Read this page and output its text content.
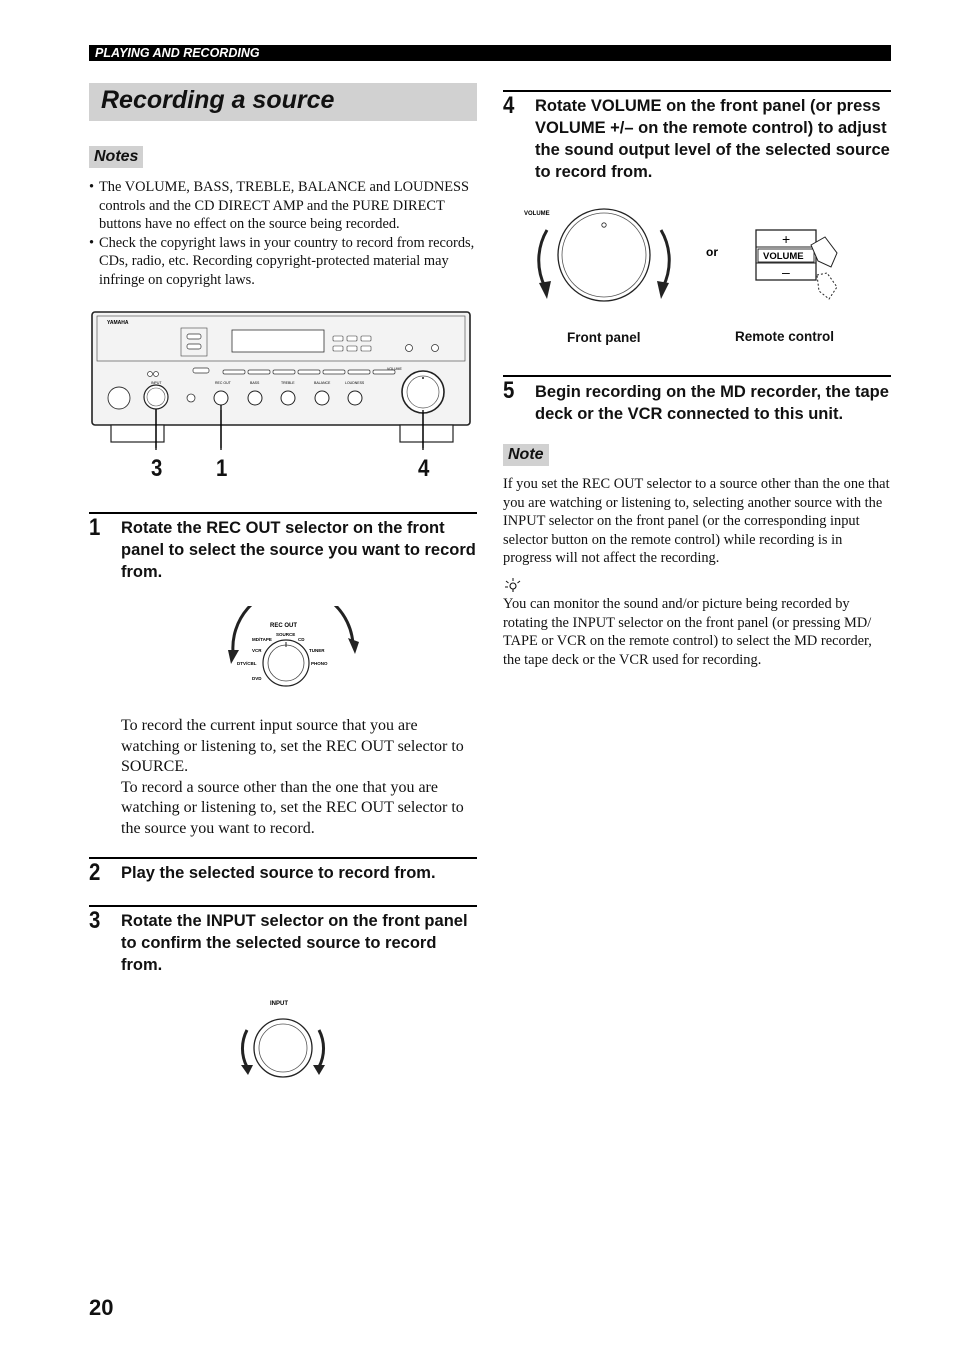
PLAYING AND RECORDING
Recording a source
Notes
• The VOLUME, BASS, TREBLE, BALANCE and LOUDNESS controls and the CD DIRECT AMP and the PURE DIRECT buttons have no effect on the source being recorded.
• Check the copyright laws in your country to record from records, CDs, radio, etc. Recording copyright-protected material may infringe on copyright laws.
YAMAHA
REC OUT	BASS	TREBLE	BALANCE	LOUDNESS
INPUT
VOLUME
3 1	4
1 Rotate the REC OUT selector on the front panel to select the source you want to record from.
REC OUT
SOURCE
MD/TAPE	CD
VCR	TUNER
DTV/CBL	PHONO
DVD
To record the current input source that you are watching or listening to, set the REC OUT selector to SOURCE.
To record a source other than the one that you are watching or listening to, set the REC OUT selector to the source you want to record.
2 Play the selected source to record from.
3 Rotate the INPUT selector on the front panel to confirm the selected source to record from.
INPUT
4 Rotate VOLUME on the front panel (or press VOLUME +/– on the remote control) to adjust the sound output level of the selected source to record from.
VOLUME
or
+
VOLUME
–
Front panel	Remote control
5 Begin recording on the MD recorder, the tape deck or the VCR connected to this unit.
Note
If you set the REC OUT selector to a source other than the one that you are watching or listening to, selecting another source with the INPUT selector on the front panel (or the corresponding input selector button on the remote control) while recording is in progress will not affect the recording.
You can monitor the sound and/or picture being recorded by rotating the INPUT selector on the front panel (or pressing MD/ TAPE or VCR on the remote control) to select the MD recorder, the tape deck or the VCR used for recording.
20
